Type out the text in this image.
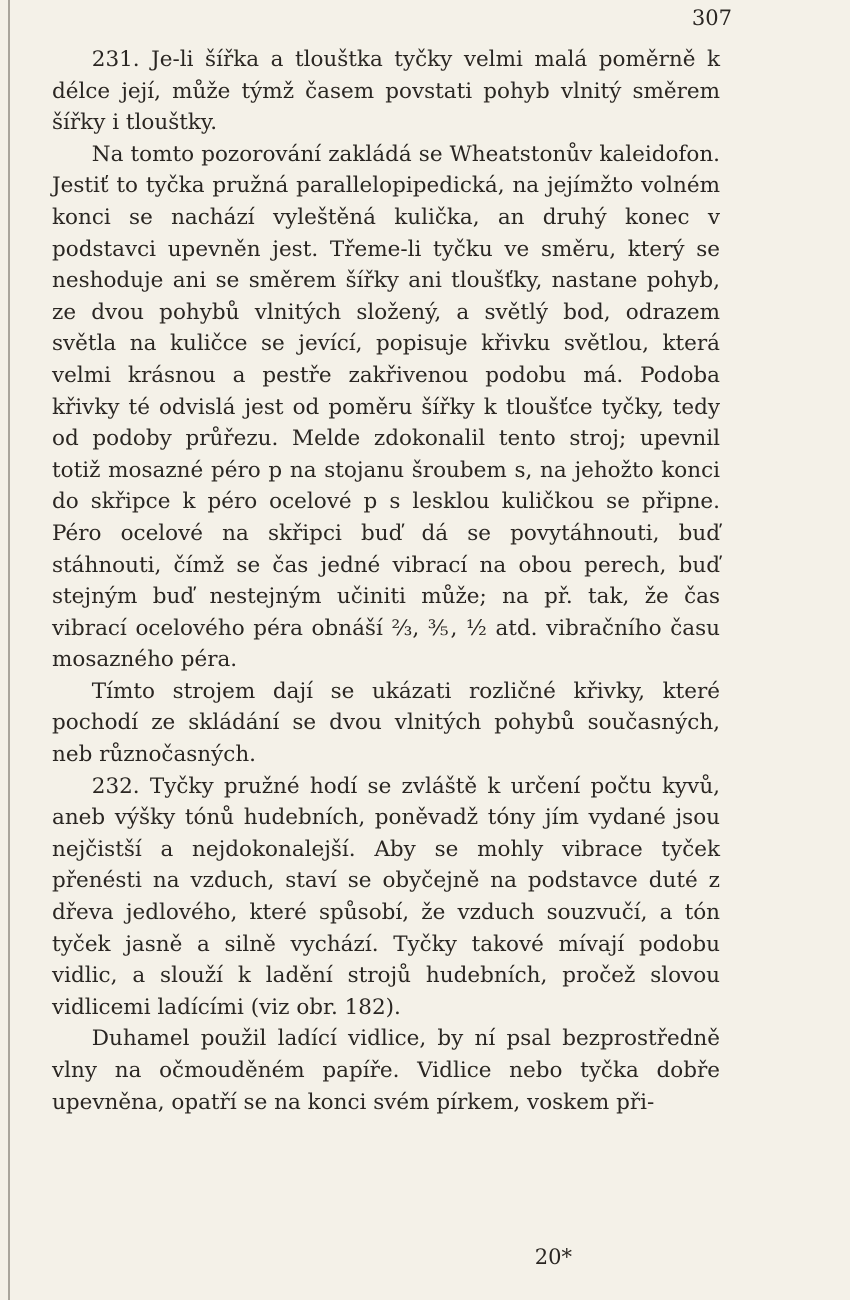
307

231. Je-li šířka a tlouštka tyčky velmi malá poměrně k délce její, může týmž časem povstati pohyb vlnitý směrem šířky i tlouštky.

Na tomto pozorování zakládá se Wheatstonův kaleidofon. Jestiť to tyčka pružná parallelopipedická, na jejímžto volném konci se nachází vyleštěná kulička, an druhý konec v podstavci upevněn jest. Třeme-li tyčku ve směru, který se neshoduje ani se směrem šířky ani tloušťky, nastane pohyb, ze dvou pohybů vlnitých složený, a světlý bod, odrazem světla na kuličce se jevící, popisuje křivku světlou, která velmi krásnou a pestře zakřivenou podobu má. Podoba křivky té odvislá jest od poměru šířky k tloušťce tyčky, tedy od podoby průřezu. Melde zdokonalil tento stroj; upevnil totiž mosazné péro p na stojanu šroubem s, na jehožto konci do skřipce k péro ocelové p s lesklou kuličkou se připne. Péro ocelové na skřipci buď dá se povytáhnouti, buď stáhnouti, čímž se čas jedné vibrací na obou perech, buď stejným buď nestejným učiniti může; na př. tak, že čas vibrací ocelového péra obnáší ⅔, ⅗, ½ atd. vibračního času mosazného péra.

Tímto strojem dají se ukázati rozličné křivky, které pochodí ze skládání se dvou vlnitých pohybů současných, neb různočasných.

232. Tyčky pružné hodí se zvláště k určení počtu kyvů, aneb výšky tónů hudebních, poněvadž tóny jím vydané jsou nejčistší a nejdokonalejší. Aby se mohly vibrace tyček přenésti na vzduch, staví se obyčejně na podstavce duté z dřeva jedlového, které spůsobí, že vzduch souzvučí, a tón tyček jasně a silně vychází. Tyčky takové mívají podobu vidlic, a slouží k ladění strojů hudebních, pročež slovou vidlicemi ladícími (viz obr. 182).

Duhamel použil ladící vidlice, by ní psal bezprostředně vlny na očmouděném papíře. Vidlice nebo tyčka dobře upevněna, opatří se na konci svém pírkem, voskem při-

20*
